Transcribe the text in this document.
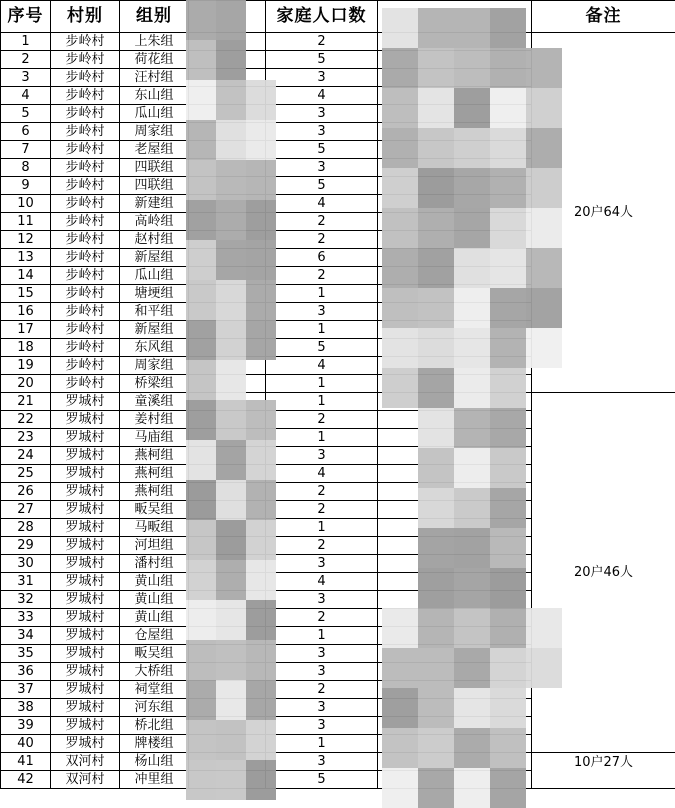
序号	村别	组别		家庭人口数		备注
1	步岭村	上朱组		2		20户64人
2	步岭村	荷花组		5		
3	步岭村	汪村组		3		
4	步岭村	东山组		4		
5	步岭村	瓜山组		3		
6	步岭村	周家组		3		
7	步岭村	老屋组		5		
8	步岭村	四联组		3		
9	步岭村	四联组		5		
10	步岭村	新建组		4		
11	步岭村	高岭组		2		
12	步岭村	赵村组		2		
13	步岭村	新屋组		6		
14	步岭村	瓜山组		2		
15	步岭村	塘埂组		1		
16	步岭村	和平组		3		
17	步岭村	新屋组		1		
18	步岭村	东风组		5		
19	步岭村	周家组		4		
20	步岭村	桥梁组		1		
21	罗城村	童溪组		1		20户46人
22	罗城村	姜村组		2		
23	罗城村	马庙组		1		
24	罗城村	燕柯组		3		
25	罗城村	燕柯组		4		
26	罗城村	燕柯组		2		
27	罗城村	畈吴组		2		
28	罗城村	马畈组		1		
29	罗城村	河坦组		2		
30	罗城村	潘村组		3		
31	罗城村	黄山组		4		
32	罗城村	黄山组		3		
33	罗城村	黄山组		2		
34	罗城村	仓屋组		1		
35	罗城村	畈吴组		3		
36	罗城村	大桥组		3		
37	罗城村	祠堂组		2		
38	罗城村	河东组		3		
39	罗城村	桥北组		3		
40	罗城村	牌楼组		1		
41	双河村	杨山组		3		10户27人
42	双河村	冲里组		5		
